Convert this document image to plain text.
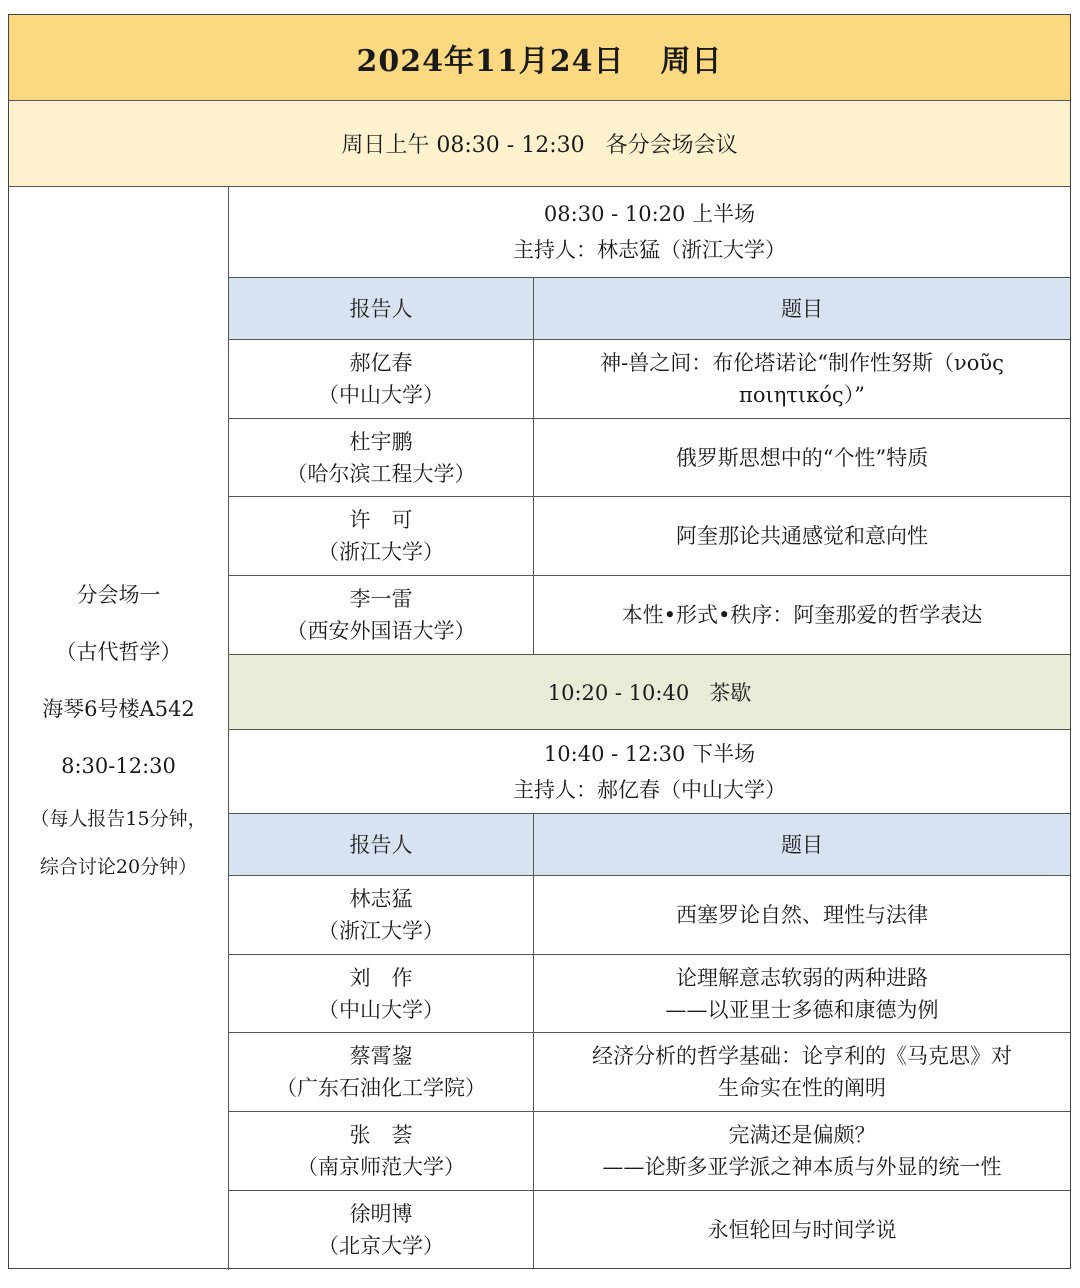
2024年11月24日 周日
周日上午 08:30 - 12:30   各分会场会议
分会场一
（古代哲学）
海琴6号楼A542
8:30-12:30
（每人报告15分钟，
综合讨论20分钟）
08:30 - 10:20 上半场
主持人：林志猛（浙江大学）
报告人	题目
郝亿春
（中山大学）
神-兽之间：布伦塔诺论“制作性努斯（νοῦς
ποιητικός）”
杜宇鹏
（哈尔滨工程大学）
俄罗斯思想中的“个性”特质
许　可
（浙江大学）
阿奎那论共通感觉和意向性
李一雷
（西安外国语大学）
本性•形式•秩序：阿奎那爱的哲学表达
10:20 - 10:40   茶歇
10:40 - 12:30 下半场
主持人：郝亿春（中山大学）
报告人	题目
林志猛
（浙江大学）
西塞罗论自然、理性与法律
刘　作
（中山大学）
论理解意志软弱的两种进路
——以亚里士多德和康德为例
蔡霄鋆
（广东石油化工学院）
经济分析的哲学基础：论亨利的《马克思》对
生命实在性的阐明
张　荟
（南京师范大学）
完满还是偏颇？
——论斯多亚学派之神本质与外显的统一性
徐明博
（北京大学）
永恒轮回与时间学说
